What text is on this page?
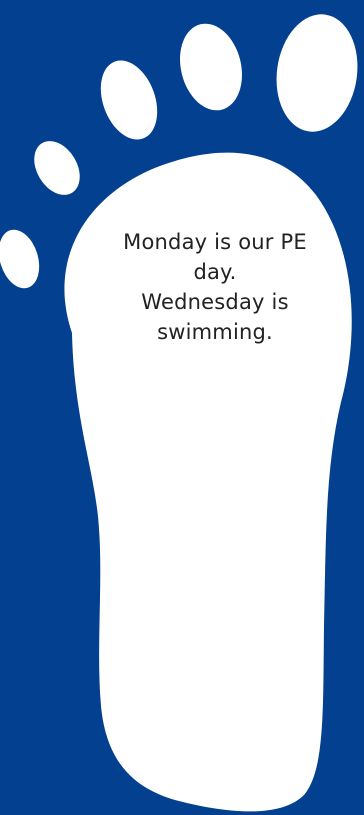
Monday is our PE day.
Wednesday is swimming.
